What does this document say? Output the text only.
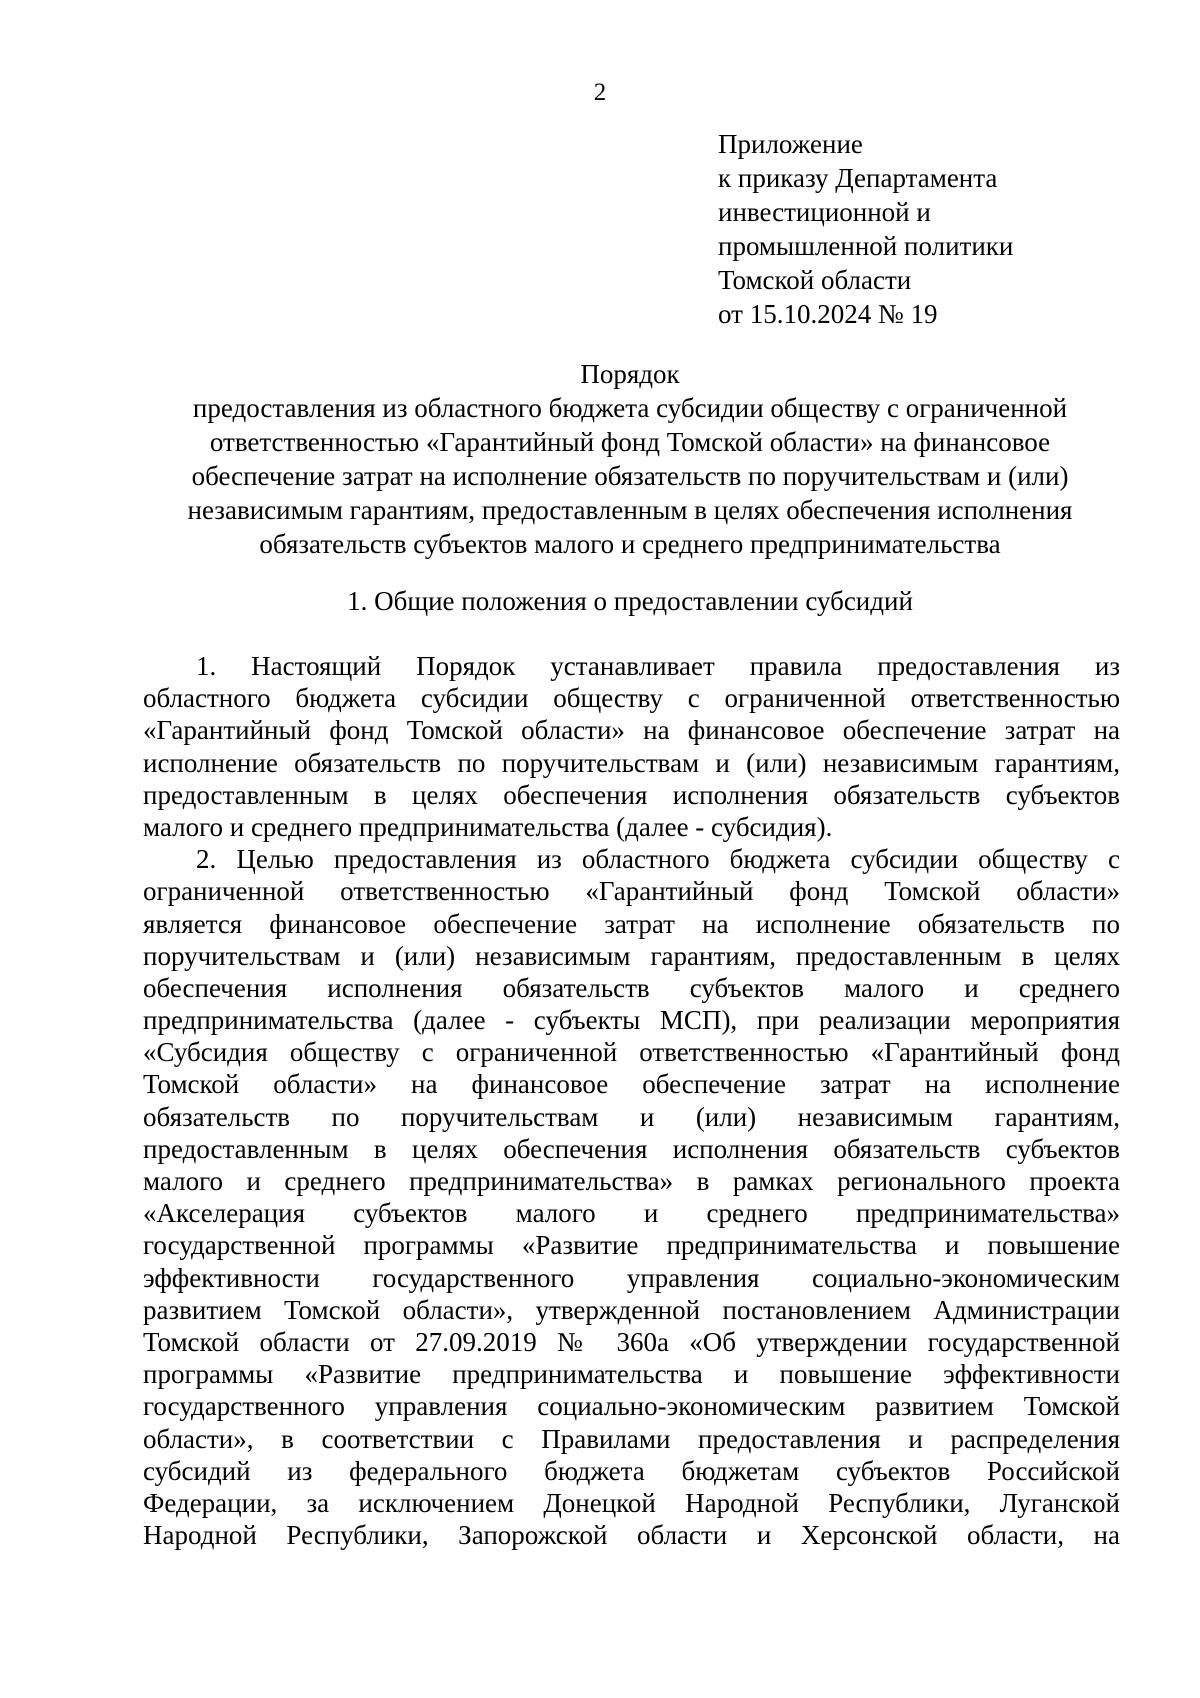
2
Приложение
к приказу Департамента
инвестиционной и
промышленной политики
Томской области
от 15.10.2024 № 19
Порядок
предоставления из областного бюджета субсидии обществу с ограниченной
ответственностью «Гарантийный фонд Томской области» на финансовое
обеспечение затрат на исполнение обязательств по поручительствам и (или)
независимым гарантиям, предоставленным в целях обеспечения исполнения
обязательств субъектов малого и среднего предпринимательства
1. Общие положения о предоставлении субсидий
1. Настоящий Порядок устанавливает правила предоставления из
областного бюджета субсидии обществу с ограниченной ответственностью
«Гарантийный фонд Томской области» на финансовое обеспечение затрат на
исполнение обязательств по поручительствам и (или) независимым гарантиям,
предоставленным в целях обеспечения исполнения обязательств субъектов
малого и среднего предпринимательства (далее - субсидия).
2. Целью предоставления из областного бюджета субсидии обществу с
ограниченной ответственностью «Гарантийный фонд Томской области»
является финансовое обеспечение затрат на исполнение обязательств по
поручительствам и (или) независимым гарантиям, предоставленным в целях
обеспечения исполнения обязательств субъектов малого и среднего
предпринимательства (далее - субъекты МСП), при реализации мероприятия
«Субсидия обществу с ограниченной ответственностью «Гарантийный фонд
Томской области» на финансовое обеспечение затрат на исполнение
обязательств по поручительствам и (или) независимым гарантиям,
предоставленным в целях обеспечения исполнения обязательств субъектов
малого и среднего предпринимательства» в рамках регионального проекта
«Акселерация субъектов малого и среднего предпринимательства»
государственной программы «Развитие предпринимательства и повышение
эффективности государственного управления социально-экономическим
развитием Томской области», утвержденной постановлением Администрации
Томской области от 27.09.2019 № 360а «Об утверждении государственной
программы «Развитие предпринимательства и повышение эффективности
государственного управления социально-экономическим развитием Томской
области», в соответствии с Правилами предоставления и распределения
субсидий из федерального бюджета бюджетам субъектов Российской
Федерации, за исключением Донецкой Народной Республики, Луганской
Народной Республики, Запорожской области и Херсонской области, на
